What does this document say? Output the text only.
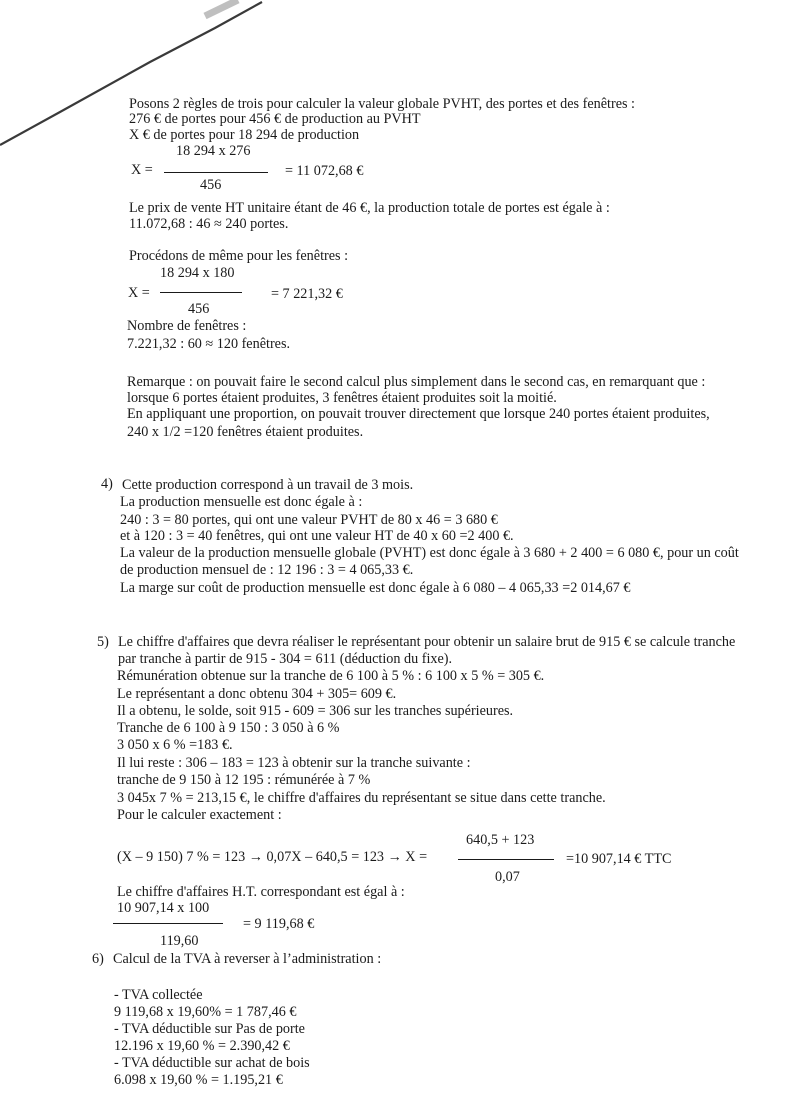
Posons 2 règles de trois pour calculer la valeur globale PVHT, des portes et des fenêtres :
276 € de portes pour 456 € de production au PVHT
X € de portes pour 18 294 de production
18 294 x 276
X =	= 11 072,68 €
456
Le prix de vente HT unitaire étant de 46 €, la production totale de portes est égale à :
11.072,68 : 46 ≈ 240 portes.
Procédons de même pour les fenêtres :
18 294 x 180
X =	= 7 221,32 €
456
Nombre de fenêtres :
7.221,32 : 60 ≈ 120 fenêtres.
Remarque : on pouvait faire le second calcul plus simplement dans le second cas, en remarquant que :
lorsque 6 portes étaient produites, 3 fenêtres étaient produites soit la moitié.
En appliquant une proportion, on pouvait trouver directement que lorsque 240 portes étaient produites,
240 x 1/2 =120 fenêtres étaient produites.
4) Cette production correspond à un travail de 3 mois.
La production mensuelle est donc égale à :
240 : 3 = 80 portes, qui ont une valeur PVHT de 80 x 46 = 3 680 €
et à 120 : 3 = 40 fenêtres, qui ont une valeur HT de 40 x 60 =2 400 €.
La valeur de la production mensuelle globale (PVHT) est donc égale à 3 680 + 2 400 = 6 080 €, pour un coût
de production mensuel de : 12 196 : 3 = 4 065,33 €.
La marge sur coût de production mensuelle est donc égale à 6 080 – 4 065,33 =2 014,67 €
5) Le chiffre d'affaires que devra réaliser le représentant pour obtenir un salaire brut de 915 € se calcule tranche
par tranche à partir de 915 - 304 = 611 (déduction du fixe).
Rémunération obtenue sur la tranche de 6 100 à 5 % : 6 100 x 5 % = 305 €.
Le représentant a donc obtenu 304 + 305= 609 €.
Il a obtenu, le solde, soit 915 - 609 = 306 sur les tranches supérieures.
Tranche de 6 100 à 9 150 : 3 050 à 6 %
3 050 x 6 % =183 €.
Il lui reste : 306 – 183 = 123 à obtenir sur la tranche suivante :
tranche de 9 150 à 12 195 : rémunérée à 7 %
3 045x 7 % = 213,15 €, le chiffre d'affaires du représentant se situe dans cette tranche.
Pour le calculer exactement :
640,5 + 123
(X – 9 150) 7 % = 123 → 0,07X – 640,5 = 123 → X =	=10 907,14 € TTC
0,07
Le chiffre d'affaires H.T. correspondant est égal à :
10 907,14 x 100
= 9 119,68 €
119,60
6) Calcul de la TVA à reverser à l’administration :
- TVA collectée
9 119,68 x 19,60% = 1 787,46 €
- TVA déductible sur Pas de porte
12.196 x 19,60 % = 2.390,42 €
- TVA déductible sur achat de bois
6.098 x 19,60 % = 1.195,21 €
